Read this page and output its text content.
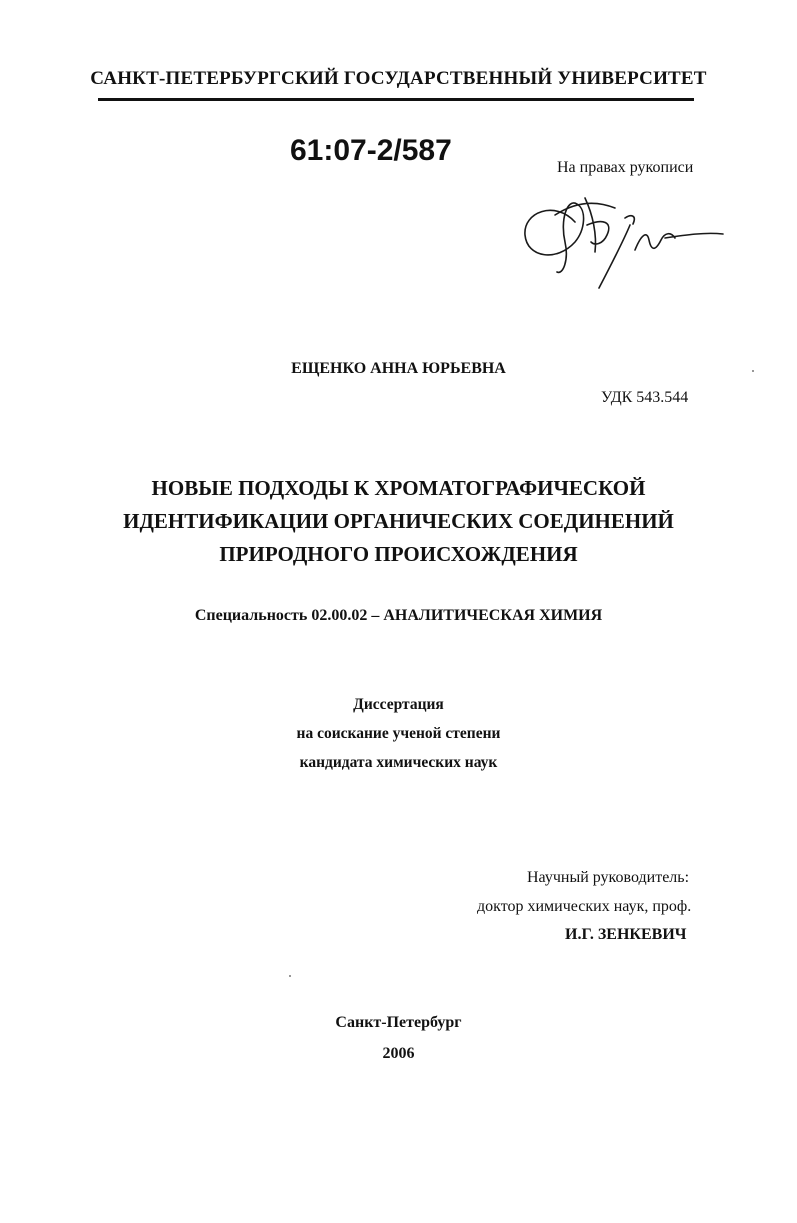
САНКТ-ПЕТЕРБУРГСКИЙ ГОСУДАРСТВЕННЫЙ УНИВЕРСИТЕТ
61:07-2/587
На правах рукописи
ЕЩЕНКО АННА ЮРЬЕВНА
УДК 543.544
НОВЫЕ ПОДХОДЫ К ХРОМАТОГРАФИЧЕСКОЙ
ИДЕНТИФИКАЦИИ ОРГАНИЧЕСКИХ СОЕДИНЕНИЙ
ПРИРОДНОГО ПРОИСХОЖДЕНИЯ
Специальность 02.00.02 – АНАЛИТИЧЕСКАЯ ХИМИЯ
Диссертация
на соискание ученой степени
кандидата химических наук
Научный руководитель:
доктор химических наук, проф.
И.Г. ЗЕНКЕВИЧ
Санкт-Петербург
2006
